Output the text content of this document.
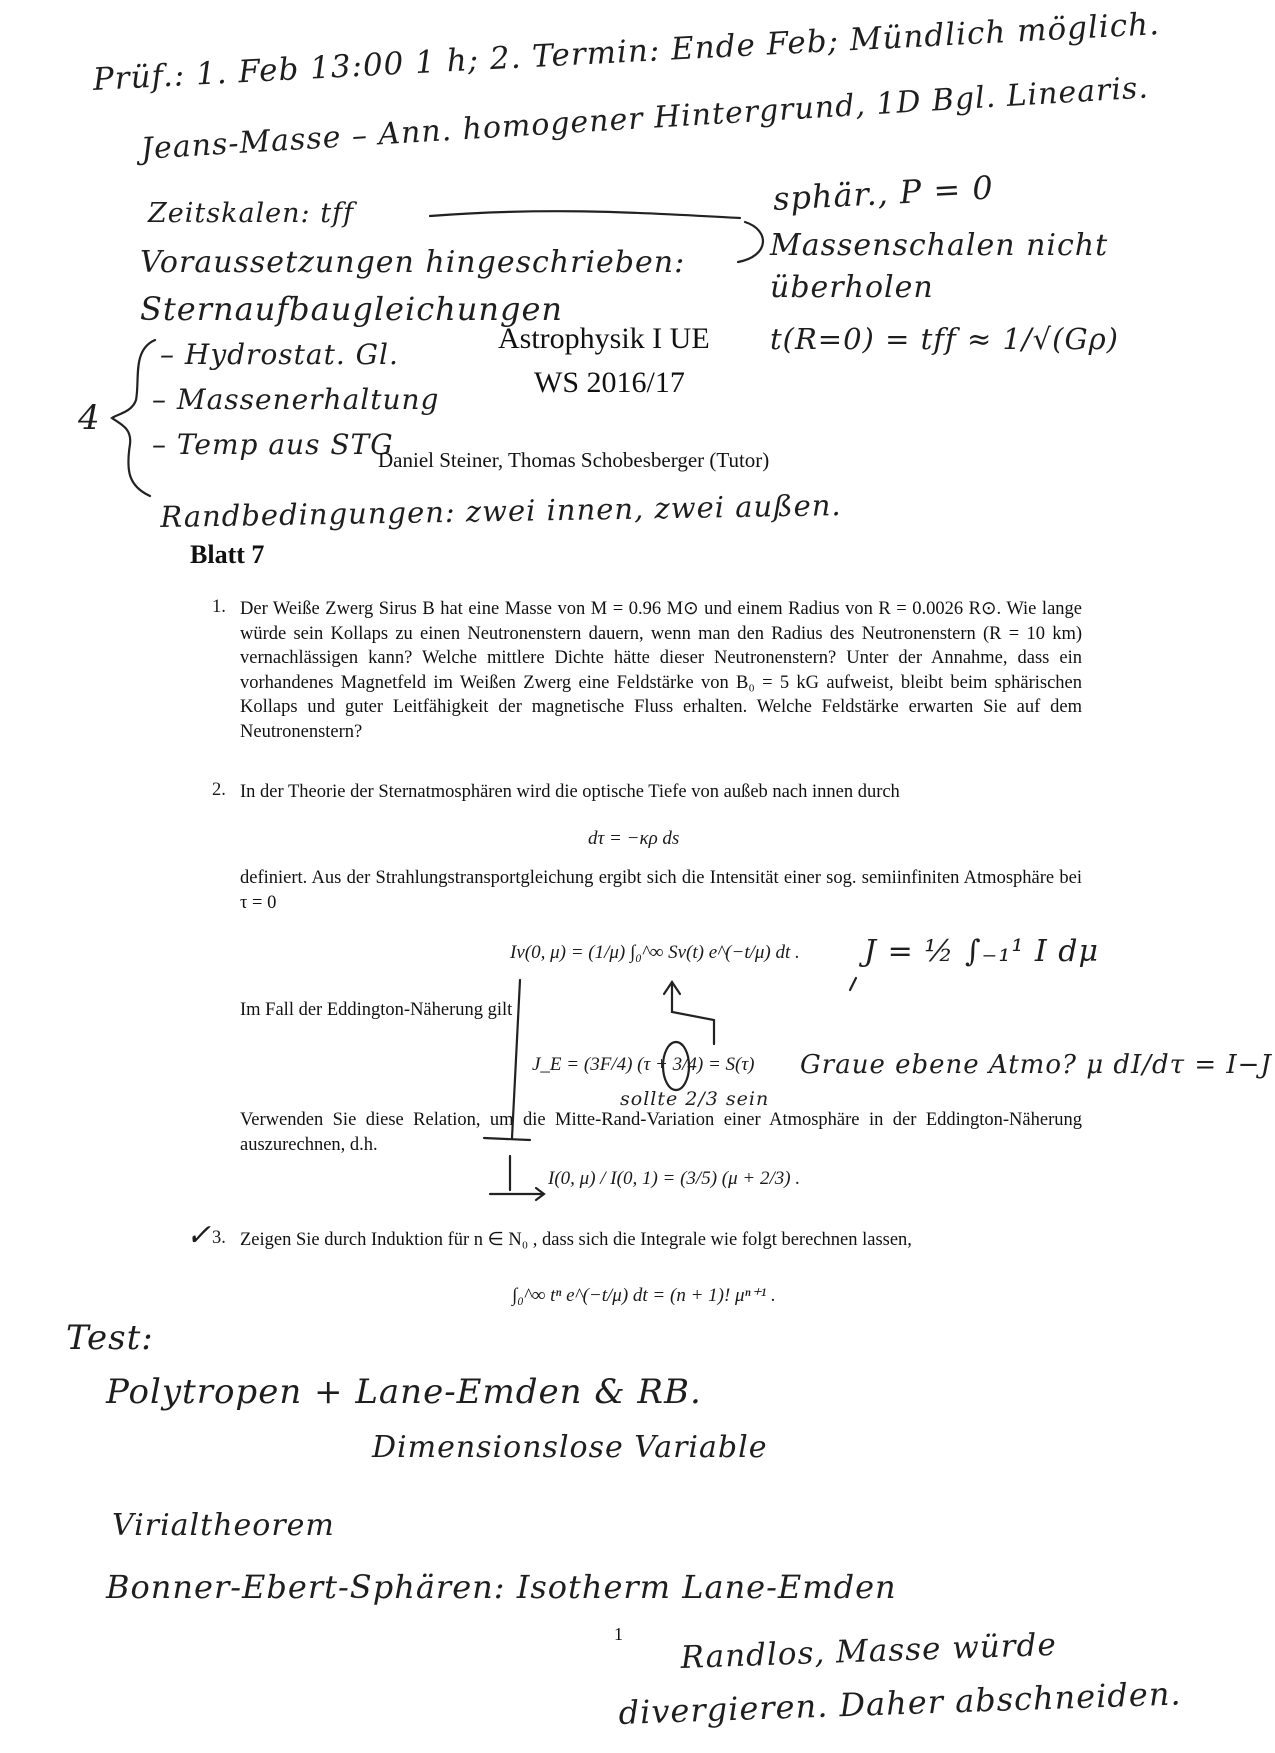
Prüf.: 1. Feb 13:00 1 h; 2. Termin: Ende Feb; Mündlich möglich.
Jeans-Masse – Ann. homogener Hintergrund, 1D Bgl. Linearis.
Zeitskalen: tff	sphär., P = 0
Voraussetzungen hingeschrieben:	Massenschalen nicht
Sternaufbaugleichungen
überholen
t(R=0) = tff ≈ 1/√(Gρ)
4
– Hydrostat. Gl.
– Massenerhaltung
– Temp aus STG
Randbedingungen: zwei innen, zwei außen.
Astrophysik I UE
WS 2016/17
Daniel Steiner, Thomas Schobesberger (Tutor)
Blatt 7
1. Der Weiße Zwerg Sirus B hat eine Masse von M = 0.96 M⊙ und einem Radius von R = 0.0026 R⊙. Wie lange würde sein Kollaps zu einen Neutronenstern dauern, wenn man den Radius des Neutronenstern (R = 10 km) vernachlässigen kann? Welche mittlere Dichte hätte dieser Neutronenstern? Unter der Annahme, dass ein vorhandenes Magnetfeld im Weißen Zwerg eine Feldstärke von B₀ = 5 kG aufweist, bleibt beim sphärischen Kollaps und guter Leitfähigkeit der magnetische Fluss erhalten. Welche Feldstärke erwarten Sie auf dem Neutronenstern?
2. In der Theorie der Sternatmosphären wird die optische Tiefe von außeb nach innen durch
dτ = −κρ ds
definiert. Aus der Strahlungstransportgleichung ergibt sich die Intensität einer sog. semiinfiniten Atmosphäre bei τ = 0
Iν(0, μ) = (1/μ) ∫₀^∞ Sν(t) e^(−t/μ) dt .
Im Fall der Eddington-Näherung gilt
J_E = (3F/4) (τ + 3/4) = S(τ)
Verwenden Sie diese Relation, um die Mitte-Rand-Variation einer Atmosphäre in der Eddington-Näherung auszurechnen, d.h.
I(0, μ) / I(0, 1) = (3/5) (μ + 2/3) .
J = ½ ∫₋₁¹ I dμ
Graue ebene Atmo? μ dI/dτ = I−J
sollte 2/3 sein
✓ 3. Zeigen Sie durch Induktion für n ∈ N₀ , dass sich die Integrale wie folgt berechnen lassen,
∫₀^∞ tⁿ e^(−t/μ) dt = (n + 1)! μⁿ⁺¹ .
Test:
Polytropen + Lane-Emden & RB.
Dimensionslose Variable
Virialtheorem
Bonner-Ebert-Sphären: Isotherm Lane-Emden
1 Randlos, Masse würde
divergieren. Daher abschneiden.
